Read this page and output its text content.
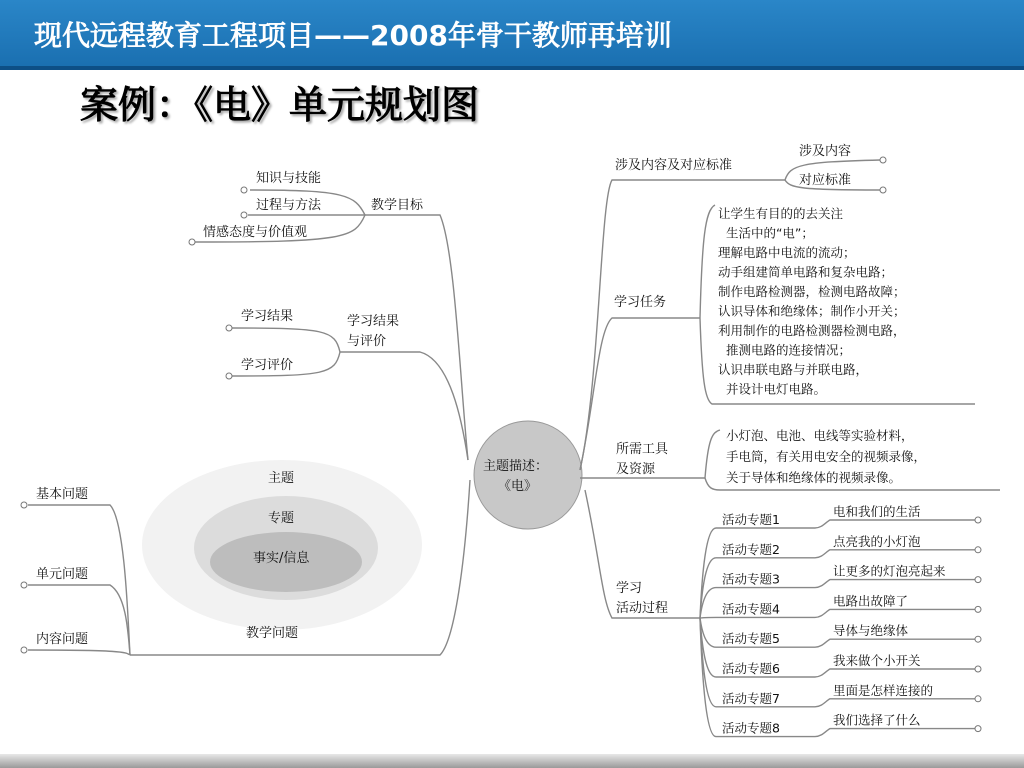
现代远程教育工程项目——2008年骨干教师再培训
案例：《电》单元规划图
教学目标
知识与技能
过程与方法
情感态度与价值观
学习结果
与评价
学习结果
学习评价
主题
专题
事实/信息
教学问题
基本问题
单元问题
内容问题
主题描述：
《电》
涉及内容及对应标准
涉及内容
对应标准
学习任务
让学生有目的的去关注
生活中的“电”；
理解电路中电流的流动；
动手组建简单电路和复杂电路；
制作电路检测器，检测电路故障；
认识导体和绝缘体；制作小开关；
利用制作的电路检测器检测电路，
推测电路的连接情况；
认识串联电路与并联电路，
并设计电灯电路。
所需工具
及资源
小灯泡、电池、电线等实验材料，
手电筒，有关用电安全的视频录像，
关于导体和绝缘体的视频录像。
学习
活动过程
活动专题1
电和我们的生活
活动专题2
点亮我的小灯泡
活动专题3
让更多的灯泡亮起来
活动专题4
电路出故障了
活动专题5
导体与绝缘体
活动专题6
我来做个小开关
活动专题7
里面是怎样连接的
活动专题8
我们选择了什么
